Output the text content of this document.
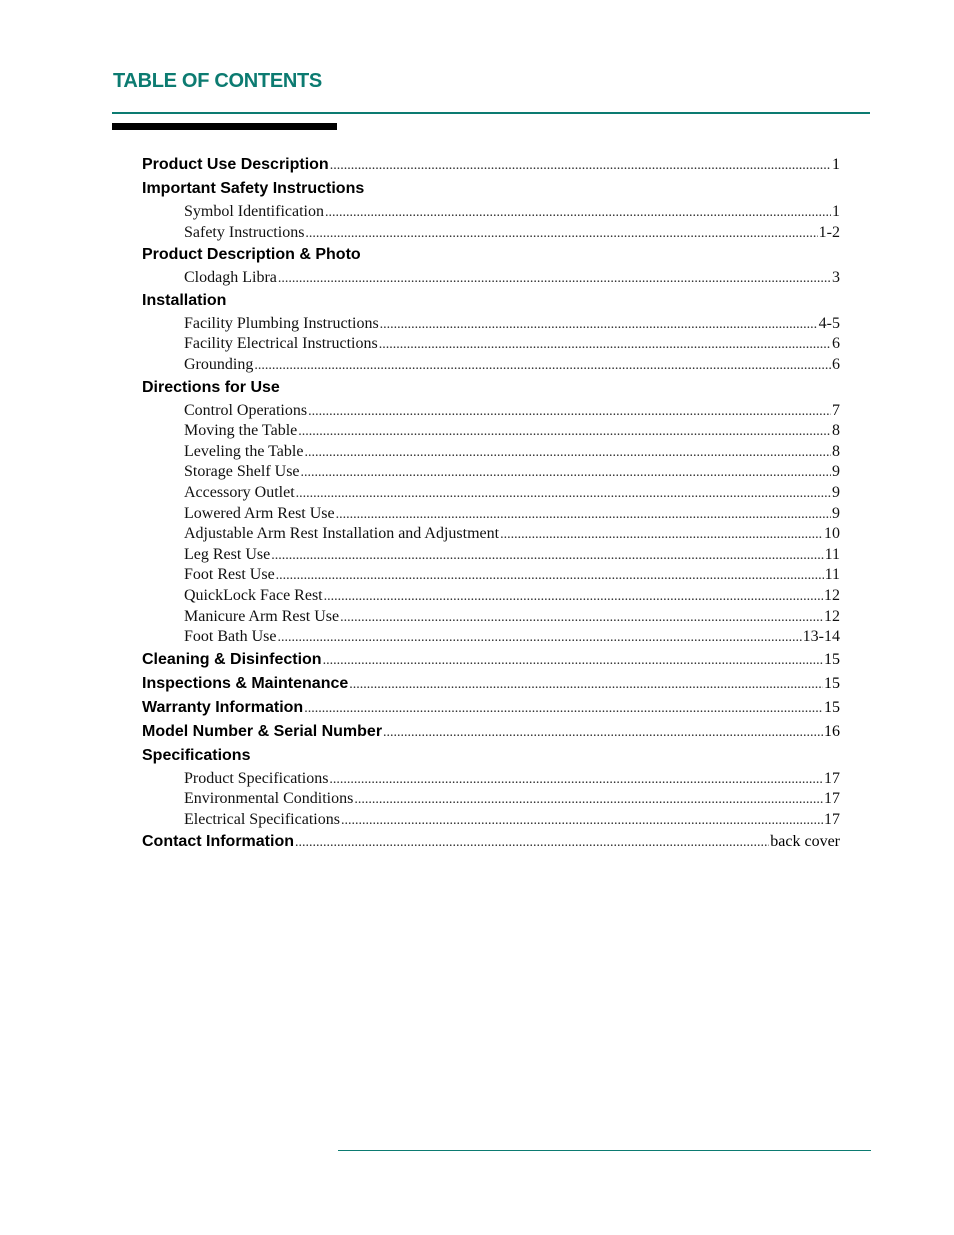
TABLE OF CONTENTS
Product Use Description .....	1
Important Safety Instructions
Symbol Identification .....	1
Safety Instructions .....	1-2
Product Description & Photo
Clodagh Libra .....	3
Installation
Facility Plumbing Instructions .....	4-5
Facility Electrical Instructions .....	6
Grounding .....	6
Directions for Use
Control Operations .....	7
Moving the Table .....	8
Leveling the Table .....	8
Storage Shelf Use .....	9
Accessory Outlet .....	9
Lowered Arm Rest Use .....	9
Adjustable Arm Rest Installation and Adjustment .....	10
Leg Rest Use .....	11
Foot Rest Use .....	11
QuickLock Face Rest .....	12
Manicure Arm Rest Use .....	12
Foot Bath Use .....	13-14
Cleaning & Disinfection .....	15
Inspections & Maintenance .....	15
Warranty Information .....	15
Model Number & Serial Number .....	16
Specifications
Product Specifications .....	17
Environmental Conditions .....	17
Electrical Specifications .....	17
Contact Information .....	back cover
